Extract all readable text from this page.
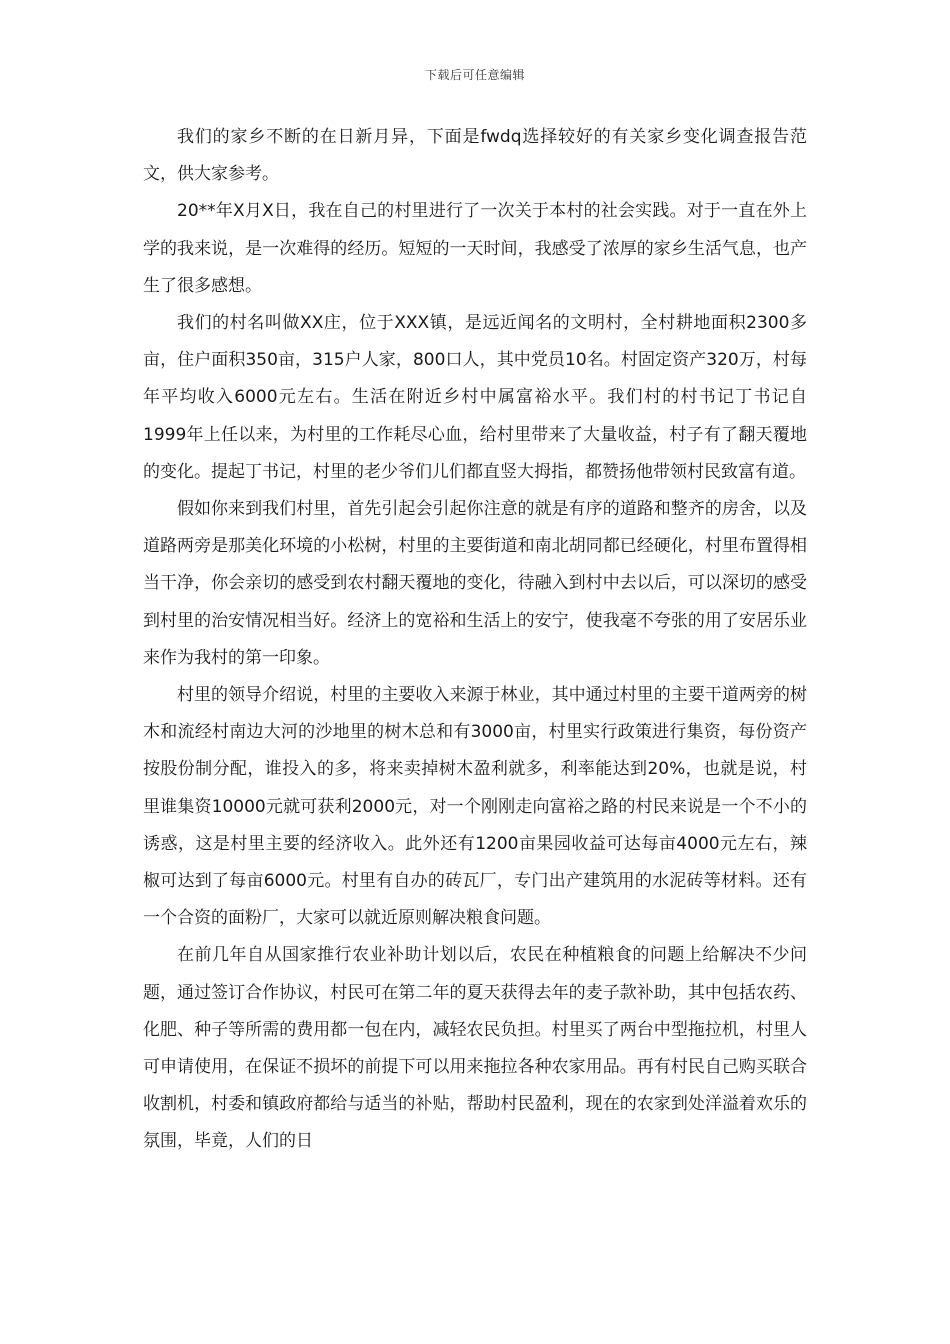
下载后可任意编辑

我们的家乡不断的在日新月异，下面是fwdq选择较好的有关家乡变化调查报告范文，供大家参考。

20**年X月X日，我在自己的村里进行了一次关于本村的社会实践。对于一直在外上学的我来说，是一次难得的经历。短短的一天时间，我感受了浓厚的家乡生活气息，也产生了很多感想。

我们的村名叫做XX庄，位于XXX镇，是远近闻名的文明村，全村耕地面积2300多亩，住户面积350亩，315户人家，800口人，其中党员10名。村固定资产320万，村每年平均收入6000元左右。生活在附近乡村中属富裕水平。我们村的村书记丁书记自1999年上任以来，为村里的工作耗尽心血，给村里带来了大量收益，村子有了翻天覆地的变化。提起丁书记，村里的老少爷们儿们都直竖大拇指，都赞扬他带领村民致富有道。

假如你来到我们村里，首先引起会引起你注意的就是有序的道路和整齐的房舍，以及道路两旁是那美化环境的小松树，村里的主要街道和南北胡同都已经硬化，村里布置得相当干净，你会亲切的感受到农村翻天覆地的变化，待融入到村中去以后，可以深切的感受到村里的治安情况相当好。经济上的宽裕和生活上的安宁，使我毫不夸张的用了安居乐业来作为我村的第一印象。

村里的领导介绍说，村里的主要收入来源于林业，其中通过村里的主要干道两旁的树木和流经村南边大河的沙地里的树木总和有3000亩，村里实行政策进行集资，每份资产按股份制分配，谁投入的多，将来卖掉树木盈利就多，利率能达到20%，也就是说，村里谁集资10000元就可获利2000元，对一个刚刚走向富裕之路的村民来说是一个不小的诱惑，这是村里主要的经济收入。此外还有1200亩果园收益可达每亩4000元左右，辣椒可达到了每亩6000元。村里有自办的砖瓦厂，专门出产建筑用的水泥砖等材料。还有一个合资的面粉厂，大家可以就近原则解决粮食问题。

在前几年自从国家推行农业补助计划以后，农民在种植粮食的问题上给解决不少问题，通过签订合作协议，村民可在第二年的夏天获得去年的麦子款补助，其中包括农药、化肥、种子等所需的费用都一包在内，减轻农民负担。村里买了两台中型拖拉机，村里人可申请使用，在保证不损坏的前提下可以用来拖拉各种农家用品。再有村民自己购买联合收割机，村委和镇政府都给与适当的补贴，帮助村民盈利，现在的农家到处洋溢着欢乐的氛围，毕竟，人们的日
